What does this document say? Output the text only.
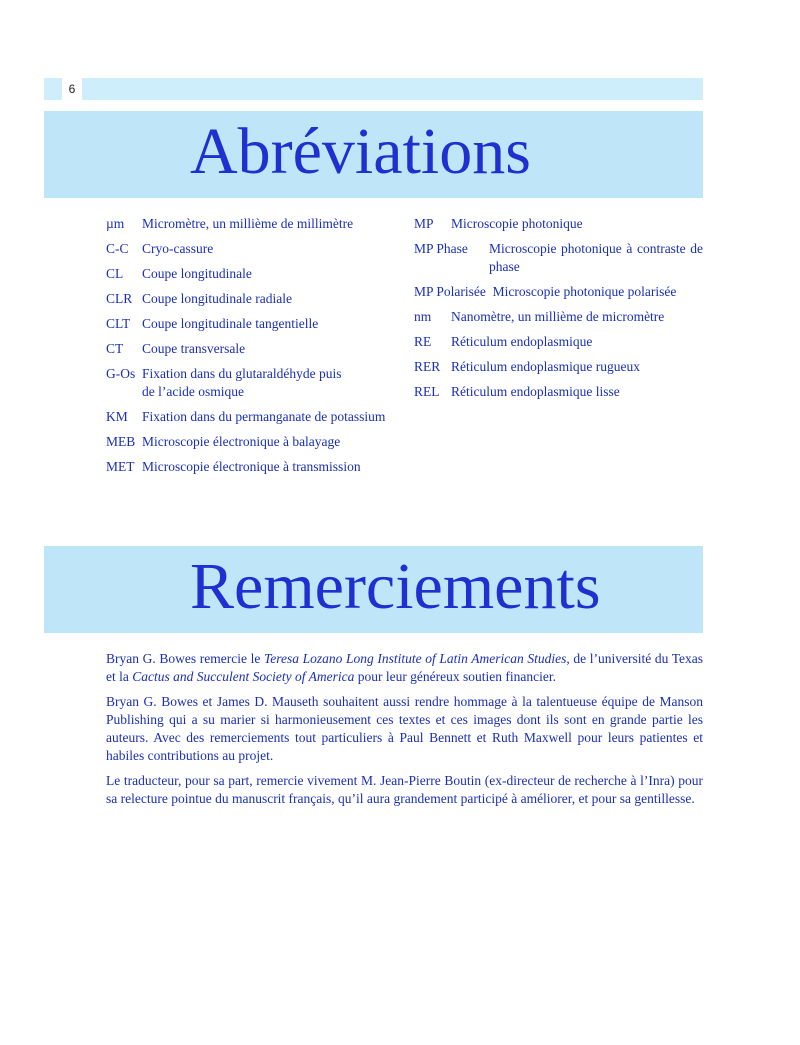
6
Abréviations
µm Micromètre, un millième de millimètre
C-C Cryo-cassure
CL Coupe longitudinale
CLR Coupe longitudinale radiale
CLT Coupe longitudinale tangentielle
CT Coupe transversale
G-Os Fixation dans du glutaraldéhyde puis
de l’acide osmique
KM Fixation dans du permanganate de potassium
MEB Microscopie électronique à balayage
MET Microscopie électronique à transmission
MP Microscopie photonique
MP Phase Microscopie photonique à contraste de phase
MP Polarisée Microscopie photonique polarisée
nm Nanomètre, un millième de micromètre
RE Réticulum endoplasmique
RER Réticulum endoplasmique rugueux
REL Réticulum endoplasmique lisse
Remerciements

Bryan G. Bowes remercie le Teresa Lozano Long Institute of Latin American Studies, de l’université du Texas et la Cactus and Succulent Society of America pour leur généreux soutien financier.

Bryan G. Bowes et James D. Mauseth souhaitent aussi rendre hommage à la talentueuse équipe de Manson Publishing qui a su marier si harmonieusement ces textes et ces images dont ils sont en grande partie les auteurs. Avec des remerciements tout particuliers à Paul Bennett et Ruth Maxwell pour leurs patientes et habiles contributions au projet.

Le traducteur, pour sa part, remercie vivement M. Jean-Pierre Boutin (ex-directeur de recherche à l’Inra) pour sa relecture pointue du manuscrit français, qu’il aura grandement participé à améliorer, et pour sa gentillesse.
